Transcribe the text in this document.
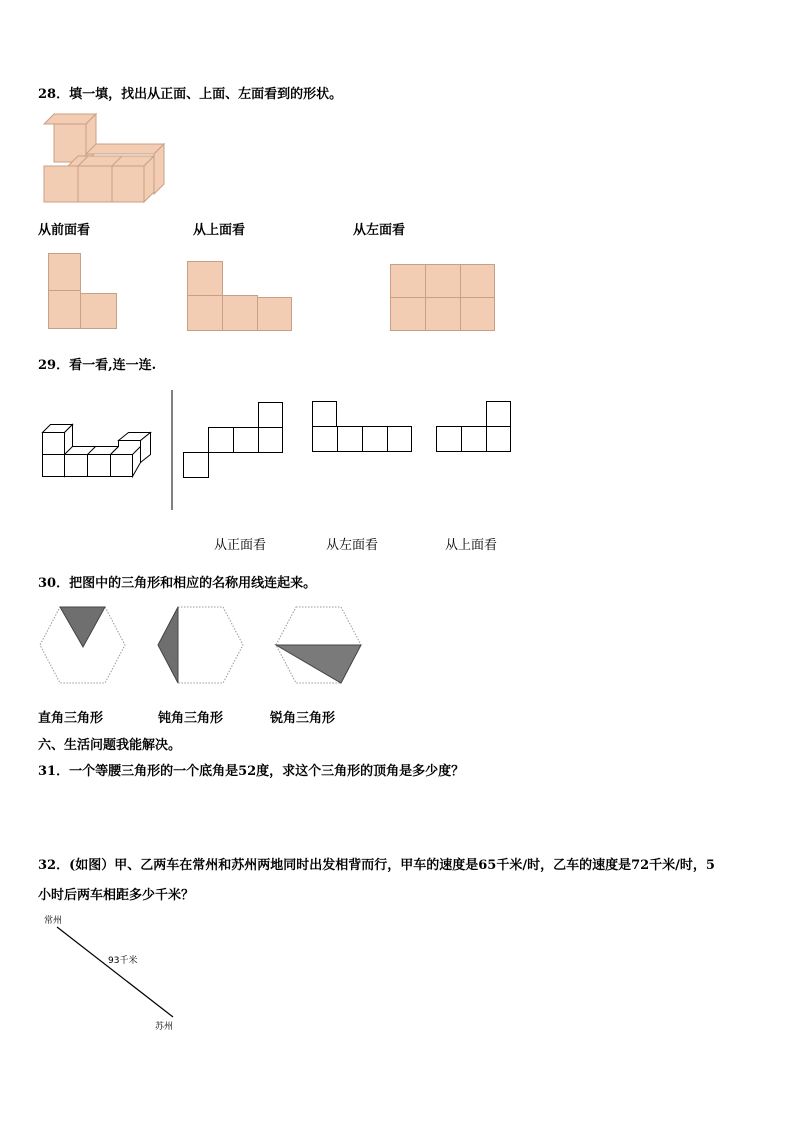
28．填一填，找出从正面、上面、左面看到的形状。
从前面看	从上面看	从左面看
29．看一看,连一连.
从正面看	从左面看	从上面看
30．把图中的三角形和相应的名称用线连起来。
直角三角形	钝角三角形	锐角三角形
六、生活问题我能解决。
31．一个等腰三角形的一个底角是52度，求这个三角形的顶角是多少度？
32．(如图）甲、乙两车在常州和苏州两地同时出发相背而行，甲车的速度是65千米/时，乙车的速度是72千米/时，5
小时后两车相距多少千米？
常州
苏州
93千米
